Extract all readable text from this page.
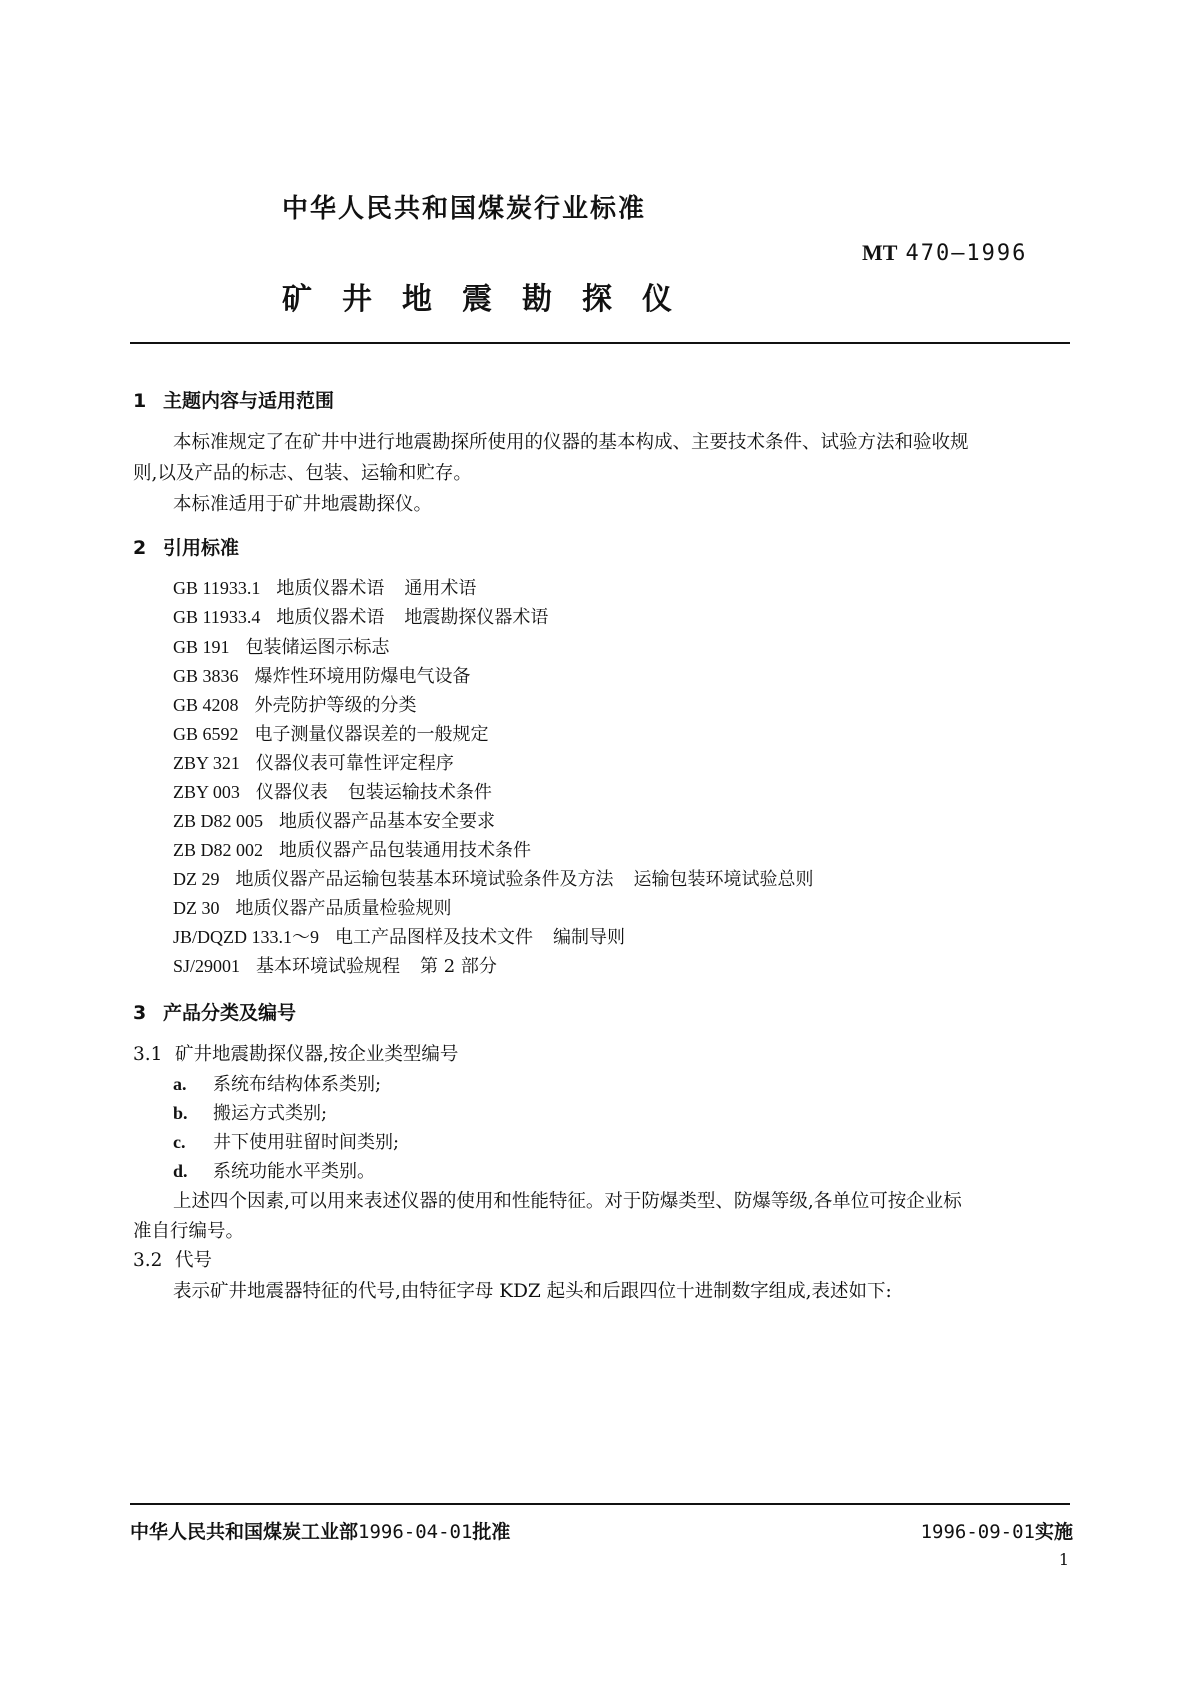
中华人民共和国煤炭行业标准
MT 470—1996
矿井地震勘探仪
1 主题内容与适用范围
本标准规定了在矿井中进行地震勘探所使用的仪器的基本构成、主要技术条件、试验方法和验收规
则,以及产品的标志、包装、运输和贮存。
本标准适用于矿井地震勘探仪。
2 引用标准
GB 11933.1 地质仪器术语 通用术语
GB 11933.4 地质仪器术语 地震勘探仪器术语
GB 191 包装储运图示标志
GB 3836 爆炸性环境用防爆电气设备
GB 4208 外壳防护等级的分类
GB 6592 电子测量仪器误差的一般规定
ZBY 321 仪器仪表可靠性评定程序
ZBY 003 仪器仪表 包装运输技术条件
ZB D82 005 地质仪器产品基本安全要求
ZB D82 002 地质仪器产品包装通用技术条件
DZ 29 地质仪器产品运输包装基本环境试验条件及方法 运输包装环境试验总则
DZ 30 地质仪器产品质量检验规则
JB/DQZD 133.1～9 电工产品图样及技术文件 编制导则
SJ/29001 基本环境试验规程 第 2 部分
3 产品分类及编号
3.1 矿井地震勘探仪器,按企业类型编号
a. 系统布结构体系类别;
b. 搬运方式类别;
c. 井下使用驻留时间类别;
d. 系统功能水平类别。
上述四个因素,可以用来表述仪器的使用和性能特征。对于防爆类型、防爆等级,各单位可按企业标
准自行编号。
3.2 代号
表示矿井地震器特征的代号,由特征字母 KDZ 起头和后跟四位十进制数字组成,表述如下:
中华人民共和国煤炭工业部1996-04-01批准	1996-09-01实施
1
